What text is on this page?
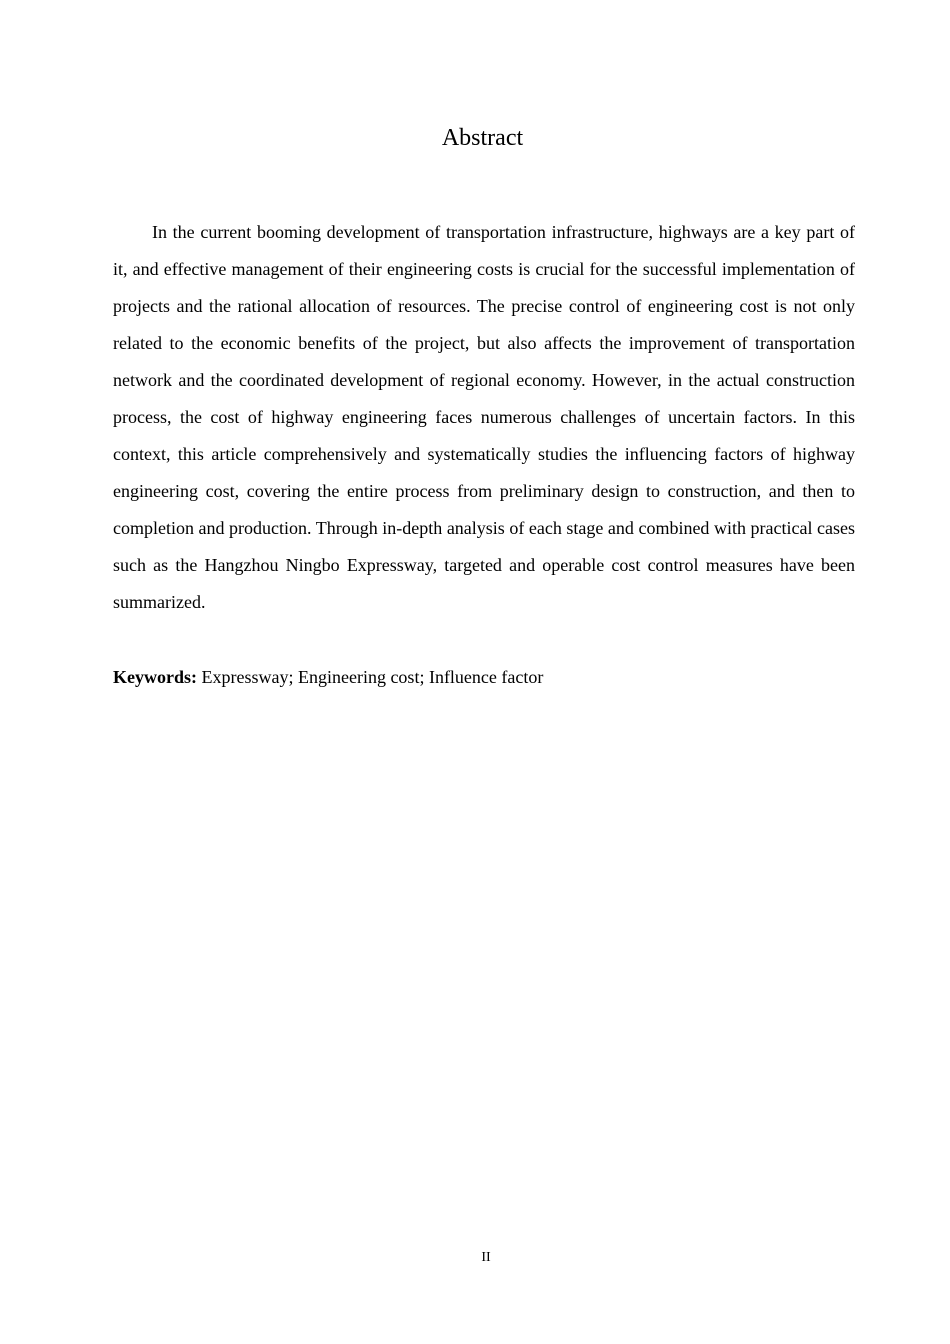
Abstract

In the current booming development of transportation infrastructure, highways are a key part of it, and effective management of their engineering costs is crucial for the successful implementation of projects and the rational allocation of resources. The precise control of engineering cost is not only related to the economic benefits of the project, but also affects the improvement of transportation network and the coordinated development of regional economy. However, in the actual construction process, the cost of highway engineering faces numerous challenges of uncertain factors. In this context, this article comprehensively and systematically studies the influencing factors of highway engineering cost, covering the entire process from preliminary design to construction, and then to completion and production. Through in-depth analysis of each stage and combined with practical cases such as the Hangzhou Ningbo Expressway, targeted and operable cost control measures have been summarized.

Keywords: Expressway; Engineering cost; Influence factor

II
